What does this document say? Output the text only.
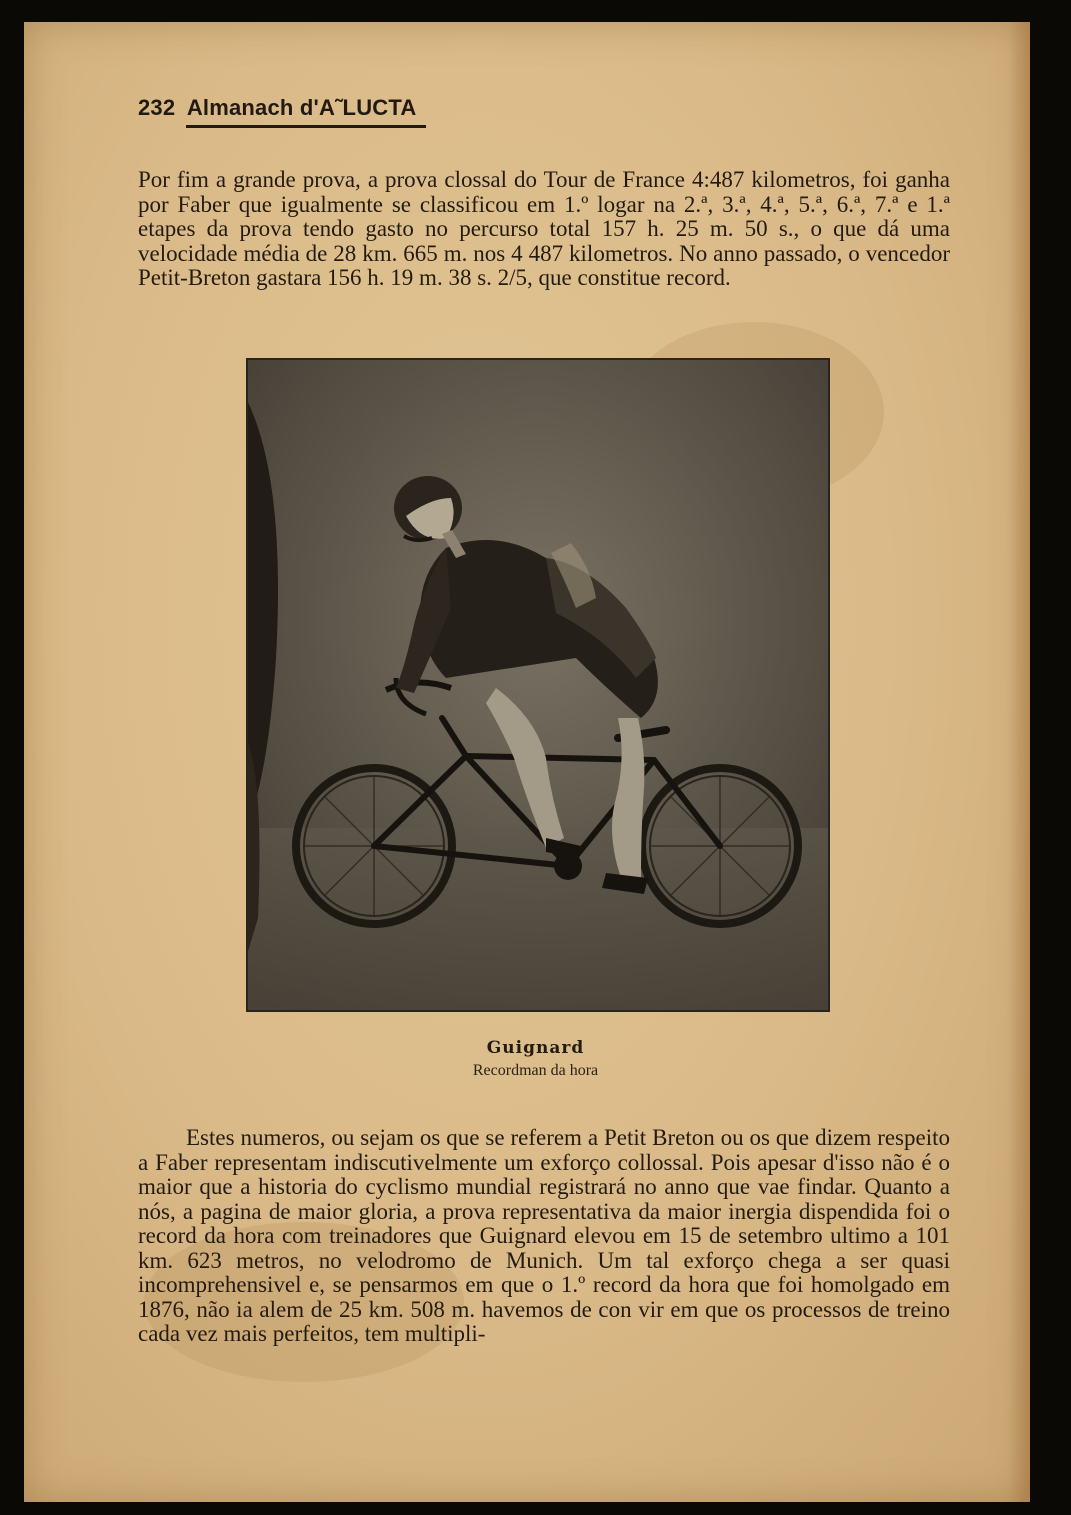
232 Almanach d'A˜LUCTA

Por fim a grande prova, a prova clossal do Tour de France 4:487 kilometros, foi ganha por Faber que igualmente se classificou em 1.º logar na 2.ª, 3.ª, 4.ª, 5.ª, 6.ª, 7.ª e 1.ª etapes da prova tendo gasto no percurso total 157 h. 25 m. 50 s., o que dá uma velocidade média de 28 km. 665 m. nos 4 487 kilometros. No anno passado, o vencedor Petit-Breton gastara 156 h. 19 m. 38 s. 2/5, que constitue record.

Guignard
Recordman da hora

Estes numeros, ou sejam os que se referem a Petit Breton ou os que dizem respeito a Faber representam indiscutivelmente um exforço collossal. Pois apesar d'isso não é o maior que a historia do cyclismo mundial registrará no anno que vae findar. Quanto a nós, a pagina de maior gloria, a prova representativa da maior inergia dispendida foi o record da hora com treinadores que Guignard elevou em 15 de setembro ultimo a 101 km. 623 metros, no velodromo de Munich. Um tal exforço chega a ser quasi incomprehensivel e, se pensarmos em que o 1.º record da hora que foi homolgado em 1876, não ia alem de 25 km. 508 m. havemos de con vir em que os processos de treino cada vez mais perfeitos, tem multipli-
